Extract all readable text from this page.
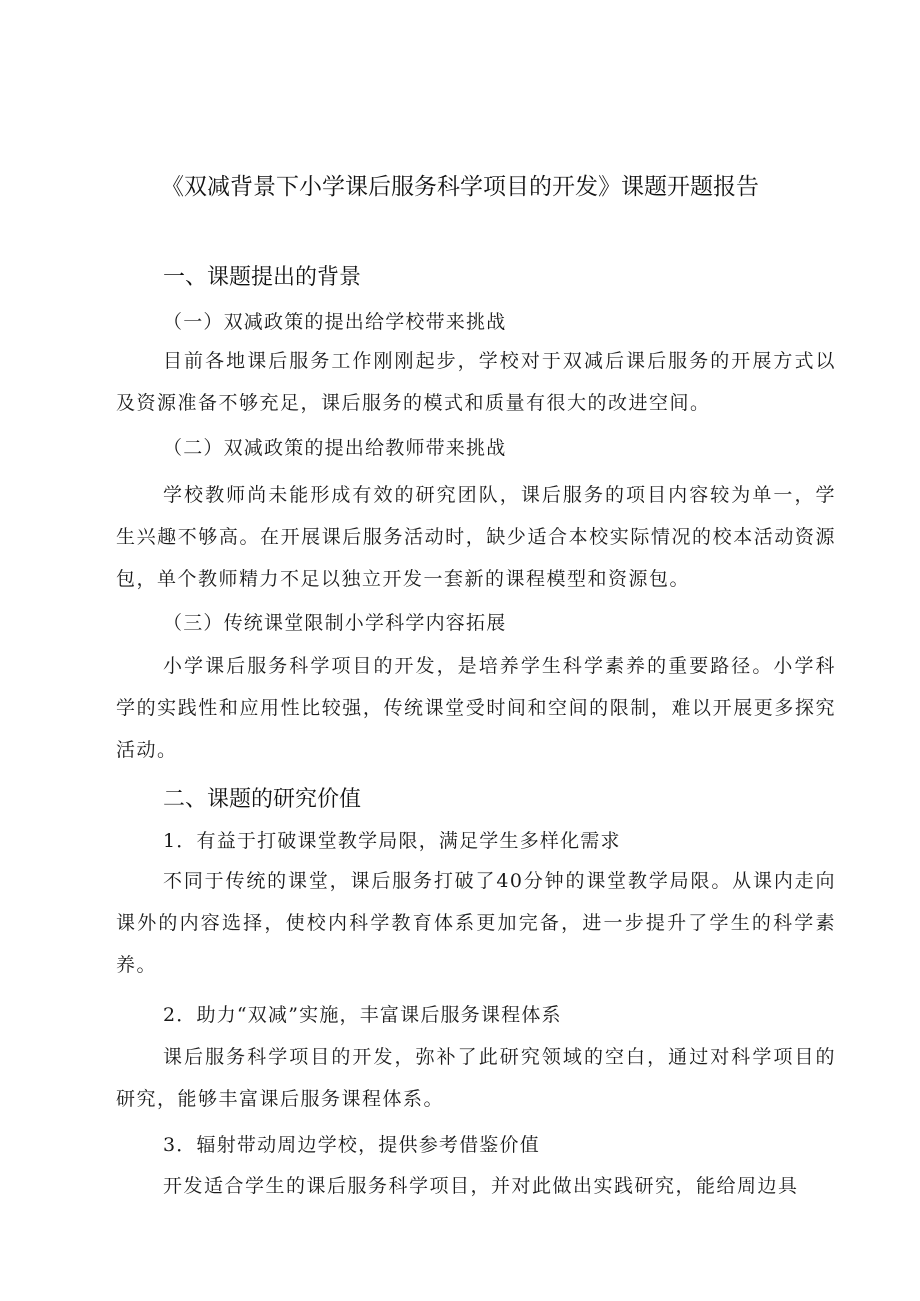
《双减背景下小学课后服务科学项目的开发》课题开题报告
一、课题提出的背景
（一）双减政策的提出给学校带来挑战

目前各地课后服务工作刚刚起步，学校对于双减后课后服务的开展方式以及资源准备不够充足，课后服务的模式和质量有很大的改进空间。

（二）双减政策的提出给教师带来挑战

学校教师尚未能形成有效的研究团队，课后服务的项目内容较为单一，学生兴趣不够高。在开展课后服务活动时，缺少适合本校实际情况的校本活动资源包，单个教师精力不足以独立开发一套新的课程模型和资源包。

（三）传统课堂限制小学科学内容拓展

小学课后服务科学项目的开发，是培养学生科学素养的重要路径。小学科学的实践性和应用性比较强，传统课堂受时间和空间的限制，难以开展更多探究活动。

二、课题的研究价值
1．有益于打破课堂教学局限，满足学生多样化需求

不同于传统的课堂，课后服务打破了40分钟的课堂教学局限。从课内走向课外的内容选择，使校内科学教育体系更加完备，进一步提升了学生的科学素养。

2．助力“双减”实施，丰富课后服务课程体系

课后服务科学项目的开发，弥补了此研究领域的空白，通过对科学项目的研究，能够丰富课后服务课程体系。

3．辐射带动周边学校，提供参考借鉴价值

开发适合学生的课后服务科学项目，并对此做出实践研究，能给周边具
